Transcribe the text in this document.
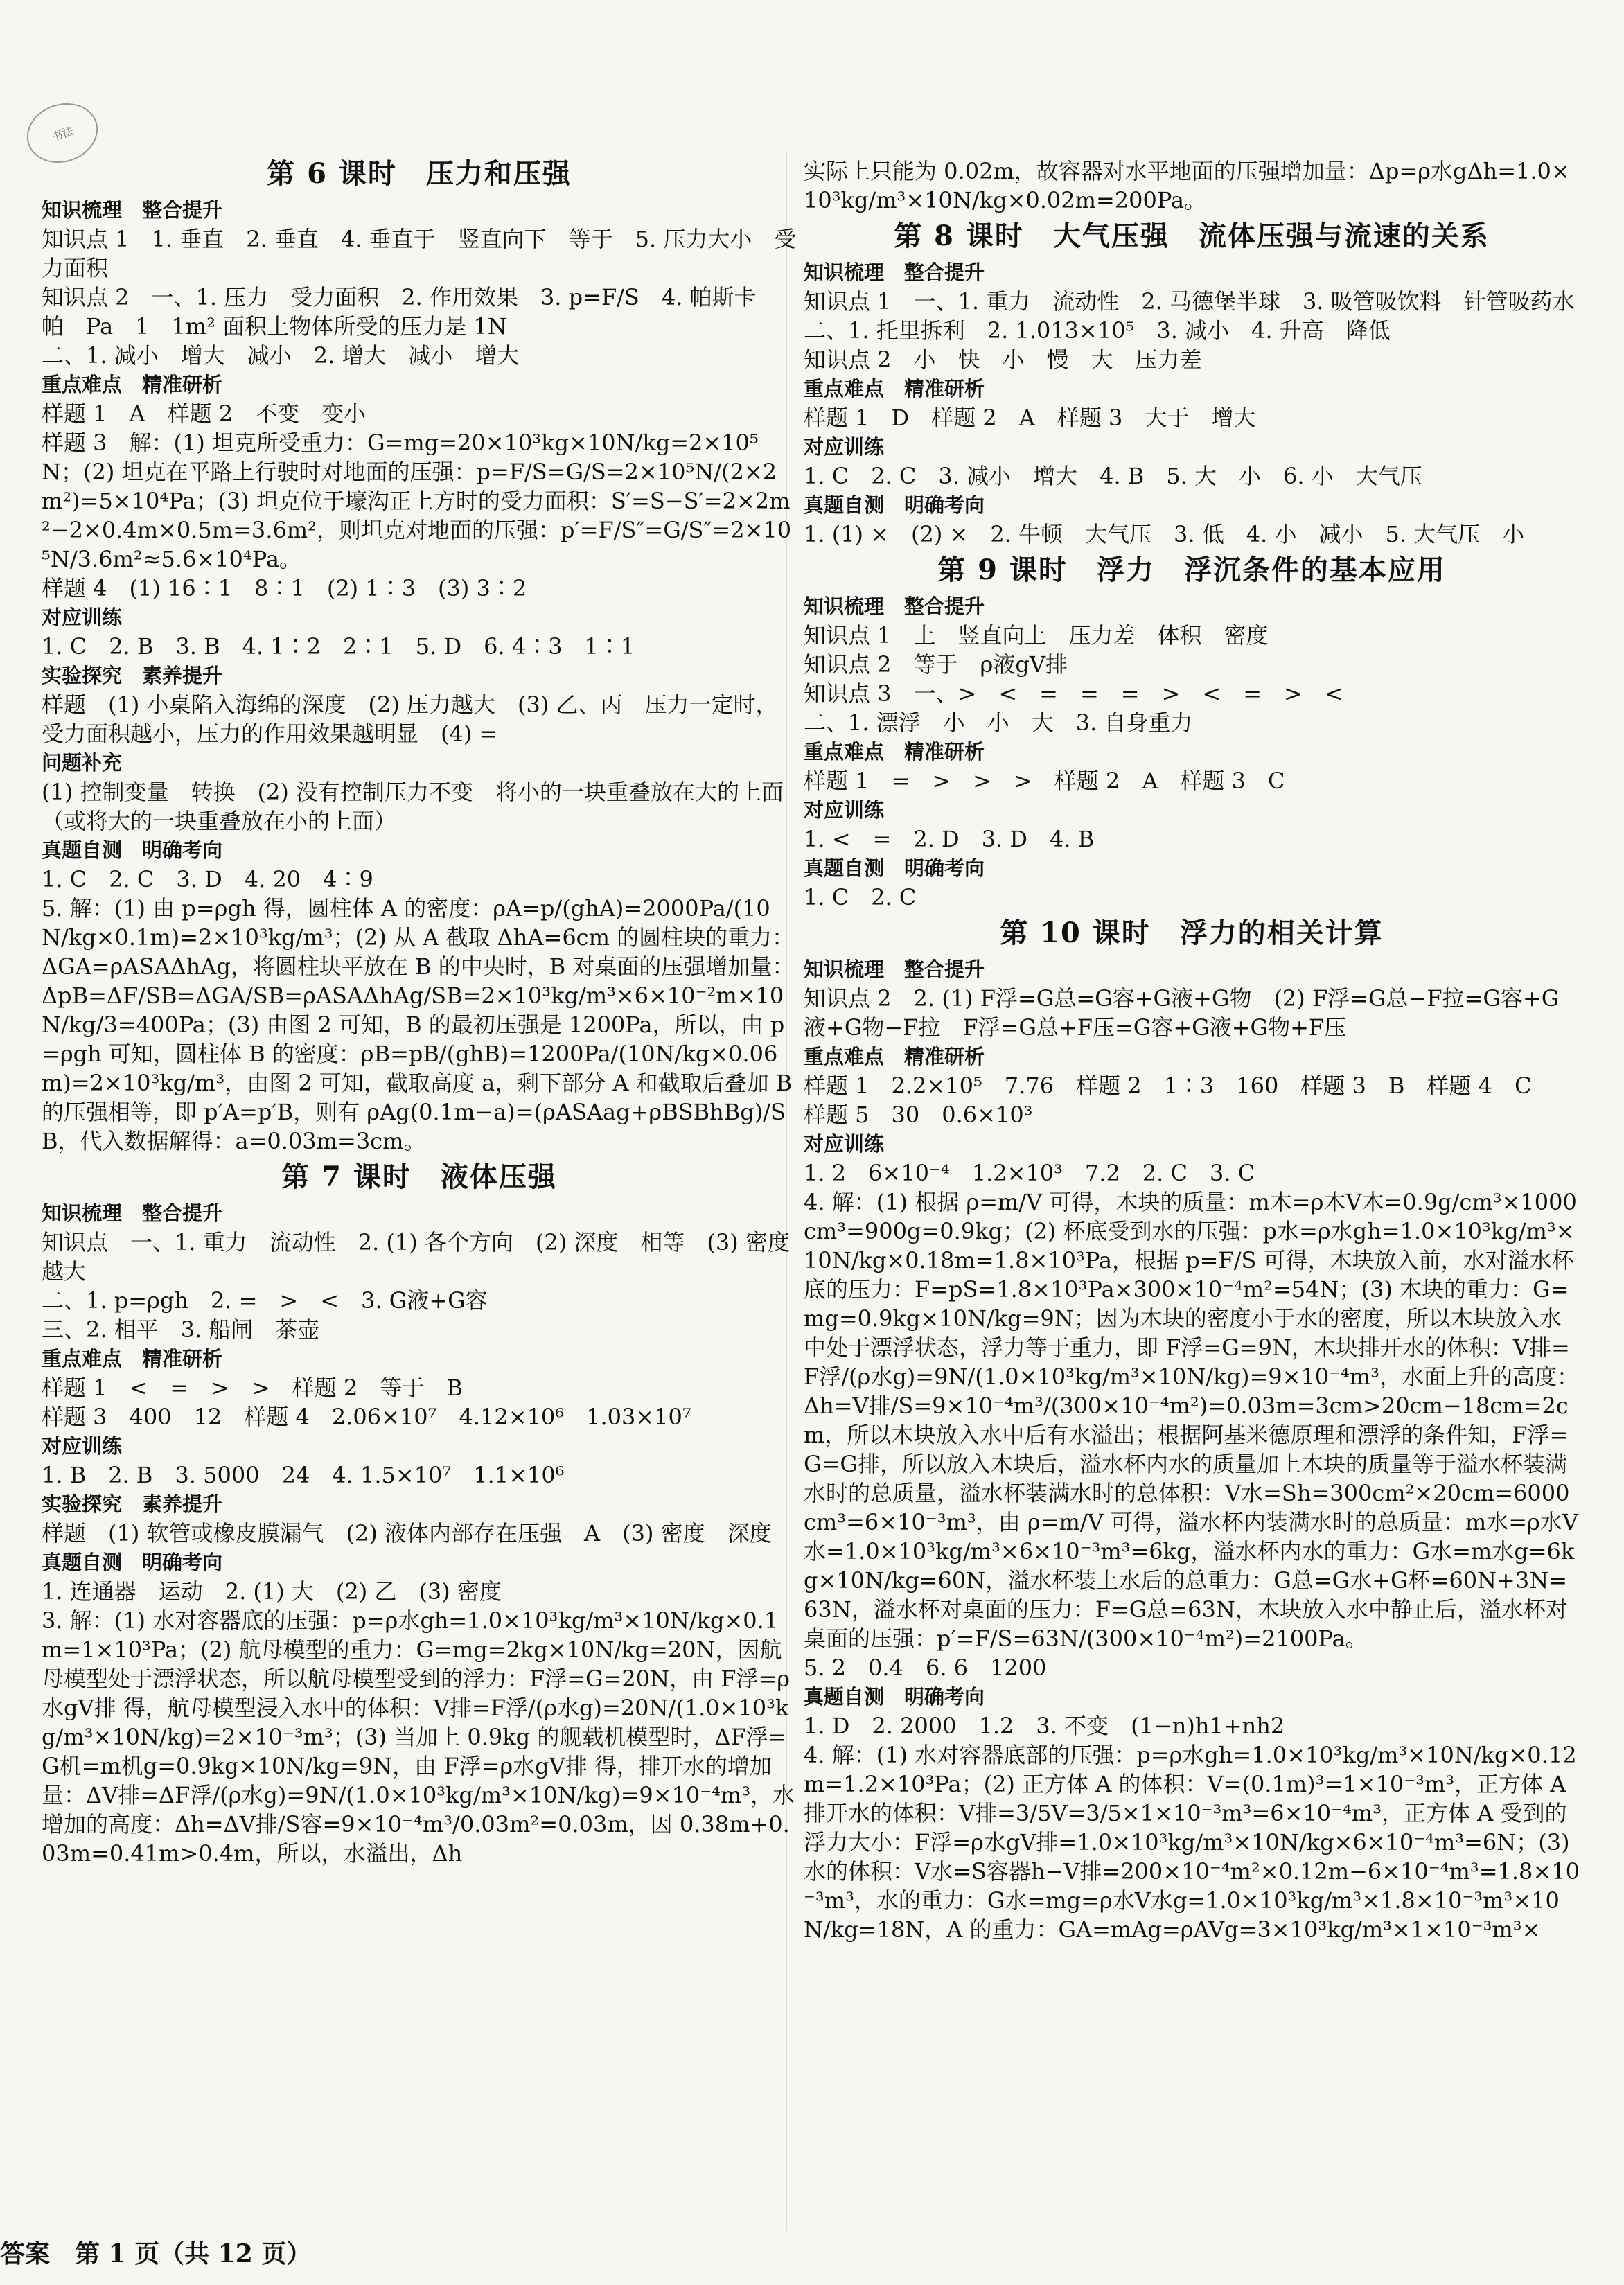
书法
第 6 课时　压力和压强
知识梳理　整合提升
知识点 1　1. 垂直　2. 垂直　4. 垂直于　竖直向下　等于　5. 压力大小　受力面积
知识点 2　一、1. 压力　受力面积　2. 作用效果　3. p=F/S　4. 帕斯卡　帕　Pa　1　1m² 面积上物体所受的压力是 1N
二、1. 减小　增大　减小　2. 增大　减小　增大
重点难点　精准研析
样题 1　A　样题 2　不变　变小
样题 3　解：(1) 坦克所受重力：G=mg=20×10³kg×10N/kg=2×10⁵N；(2) 坦克在平路上行驶时对地面的压强：p=F/S=G/S=2×10⁵N/(2×2m²)=5×10⁴Pa；(3) 坦克位于壕沟正上方时的受力面积：S′=S−S′=2×2m²−2×0.4m×0.5m=3.6m²，则坦克对地面的压强：p′=F/S″=G/S″=2×10⁵N/3.6m²≈5.6×10⁴Pa。
样题 4　(1) 16∶1　8∶1　(2) 1∶3　(3) 3∶2
对应训练
1. C　2. B　3. B　4. 1∶2　2∶1　5. D　6. 4∶3　1∶1
实验探究　素养提升
样题　(1) 小桌陷入海绵的深度　(2) 压力越大　(3) 乙、丙　压力一定时，受力面积越小，压力的作用效果越明显　(4) =
问题补充
(1) 控制变量　转换　(2) 没有控制压力不变　将小的一块重叠放在大的上面（或将大的一块重叠放在小的上面）
真题自测　明确考向
1. C　2. C　3. D　4. 20　4∶9
5. 解：(1) 由 p=ρgh 得，圆柱体 A 的密度：ρA=p/(ghA)=2000Pa/(10N/kg×0.1m)=2×10³kg/m³；(2) 从 A 截取 ΔhA=6cm 的圆柱块的重力：ΔGA=ρASAΔhAg，将圆柱块平放在 B 的中央时，B 对桌面的压强增加量：ΔpB=ΔF/SB=ΔGA/SB=ρASAΔhAg/SB=2×10³kg/m³×6×10⁻²m×10N/kg/3=400Pa；(3) 由图 2 可知，B 的最初压强是 1200Pa，所以，由 p=ρgh 可知，圆柱体 B 的密度：ρB=pB/(ghB)=1200Pa/(10N/kg×0.06m)=2×10³kg/m³，由图 2 可知，截取高度 a，剩下部分 A 和截取后叠加 B 的压强相等，即 p′A=p′B，则有 ρAg(0.1m−a)=(ρASAag+ρBSBhBg)/SB，代入数据解得：a=0.03m=3cm。
第 7 课时　液体压强
知识梳理　整合提升
知识点　一、1. 重力　流动性　2. (1) 各个方向　(2) 深度　相等　(3) 密度　越大
二、1. p=ρgh　2. =　>　<　3. G液+G容
三、2. 相平　3. 船闸　茶壶
重点难点　精准研析
样题 1　<　=　>　>　样题 2　等于　B
样题 3　400　12　样题 4　2.06×10⁷　4.12×10⁶　1.03×10⁷
对应训练
1. B　2. B　3. 5000　24　4. 1.5×10⁷　1.1×10⁶
实验探究　素养提升
样题　(1) 软管或橡皮膜漏气　(2) 液体内部存在压强　A　(3) 密度　深度
真题自测　明确考向
1. 连通器　运动　2. (1) 大　(2) 乙　(3) 密度
3. 解：(1) 水对容器底的压强：p=ρ水gh=1.0×10³kg/m³×10N/kg×0.1m=1×10³Pa；(2) 航母模型的重力：G=mg=2kg×10N/kg=20N，因航母模型处于漂浮状态，所以航母模型受到的浮力：F浮=G=20N，由 F浮=ρ水gV排 得，航母模型浸入水中的体积：V排=F浮/(ρ水g)=20N/(1.0×10³kg/m³×10N/kg)=2×10⁻³m³；(3) 当加上 0.9kg 的舰载机模型时，ΔF浮=G机=m机g=0.9kg×10N/kg=9N，由 F浮=ρ水gV排 得，排开水的增加量：ΔV排=ΔF浮/(ρ水g)=9N/(1.0×10³kg/m³×10N/kg)=9×10⁻⁴m³，水增加的高度：Δh=ΔV排/S容=9×10⁻⁴m³/0.03m²=0.03m，因 0.38m+0.03m=0.41m>0.4m，所以，水溢出，Δh
实际上只能为 0.02m，故容器对水平地面的压强增加量：Δp=ρ水gΔh=1.0×10³kg/m³×10N/kg×0.02m=200Pa。
第 8 课时　大气压强　流体压强与流速的关系
知识梳理　整合提升
知识点 1　一、1. 重力　流动性　2. 马德堡半球　3. 吸管吸饮料　针管吸药水　二、1. 托里拆利　2. 1.013×10⁵　3. 减小　4. 升高　降低
知识点 2　小　快　小　慢　大　压力差
重点难点　精准研析
样题 1　D　样题 2　A　样题 3　大于　增大
对应训练
1. C　2. C　3. 减小　增大　4. B　5. 大　小　6. 小　大气压
真题自测　明确考向
1. (1) ×　(2) ×　2. 牛顿　大气压　3. 低　4. 小　减小　5. 大气压　小
第 9 课时　浮力　浮沉条件的基本应用
知识梳理　整合提升
知识点 1　上　竖直向上　压力差　体积　密度
知识点 2　等于　ρ液gV排
知识点 3　一、>　<　=　=　=　>　<　=　>　<
二、1. 漂浮　小　小　大　3. 自身重力
重点难点　精准研析
样题 1　=　>　>　>　样题 2　A　样题 3　C
对应训练
1. <　=　2. D　3. D　4. B
真题自测　明确考向
1. C　2. C
第 10 课时　浮力的相关计算
知识梳理　整合提升
知识点 2　2. (1) F浮=G总=G容+G液+G物　(2) F浮=G总−F拉=G容+G液+G物−F拉　F浮=G总+F压=G容+G液+G物+F压
重点难点　精准研析
样题 1　2.2×10⁵　7.76　样题 2　1∶3　160　样题 3　B　样题 4　C
样题 5　30　0.6×10³
对应训练
1. 2　6×10⁻⁴　1.2×10³　7.2　2. C　3. C
4. 解：(1) 根据 ρ=m/V 可得，木块的质量：m木=ρ木V木=0.9g/cm³×1000cm³=900g=0.9kg；(2) 杯底受到水的压强：p水=ρ水gh=1.0×10³kg/m³×10N/kg×0.18m=1.8×10³Pa，根据 p=F/S 可得，木块放入前，水对溢水杯底的压力：F=pS=1.8×10³Pa×300×10⁻⁴m²=54N；(3) 木块的重力：G=mg=0.9kg×10N/kg=9N；因为木块的密度小于水的密度，所以木块放入水中处于漂浮状态，浮力等于重力，即 F浮=G=9N，木块排开水的体积：V排=F浮/(ρ水g)=9N/(1.0×10³kg/m³×10N/kg)=9×10⁻⁴m³，水面上升的高度：Δh=V排/S=9×10⁻⁴m³/(300×10⁻⁴m²)=0.03m=3cm>20cm−18cm=2cm，所以木块放入水中后有水溢出；根据阿基米德原理和漂浮的条件知，F浮=G=G排，所以放入木块后，溢水杯内水的质量加上木块的质量等于溢水杯装满水时的总质量，溢水杯装满水时的总体积：V水=Sh=300cm²×20cm=6000cm³=6×10⁻³m³，由 ρ=m/V 可得，溢水杯内装满水时的总质量：m水=ρ水V水=1.0×10³kg/m³×6×10⁻³m³=6kg，溢水杯内水的重力：G水=m水g=6kg×10N/kg=60N，溢水杯装上水后的总重力：G总=G水+G杯=60N+3N=63N，溢水杯对桌面的压力：F=G总=63N，木块放入水中静止后，溢水杯对桌面的压强：p′=F/S=63N/(300×10⁻⁴m²)=2100Pa。
5. 2　0.4　6. 6　1200
真题自测　明确考向
1. D　2. 2000　1.2　3. 不变　(1−n)h1+nh2
4. 解：(1) 水对容器底部的压强：p=ρ水gh=1.0×10³kg/m³×10N/kg×0.12m=1.2×10³Pa；(2) 正方体 A 的体积：V=(0.1m)³=1×10⁻³m³，正方体 A 排开水的体积：V排=3/5V=3/5×1×10⁻³m³=6×10⁻⁴m³，正方体 A 受到的浮力大小：F浮=ρ水gV排=1.0×10³kg/m³×10N/kg×6×10⁻⁴m³=6N；(3) 水的体积：V水=S容器h−V排=200×10⁻⁴m²×0.12m−6×10⁻⁴m³=1.8×10⁻³m³，水的重力：G水=mg=ρ水V水g=1.0×10³kg/m³×1.8×10⁻³m³×10N/kg=18N，A 的重力：GA=mAg=ρAVg=3×10³kg/m³×1×10⁻³m³×
答案　第 1 页（共 12 页）
